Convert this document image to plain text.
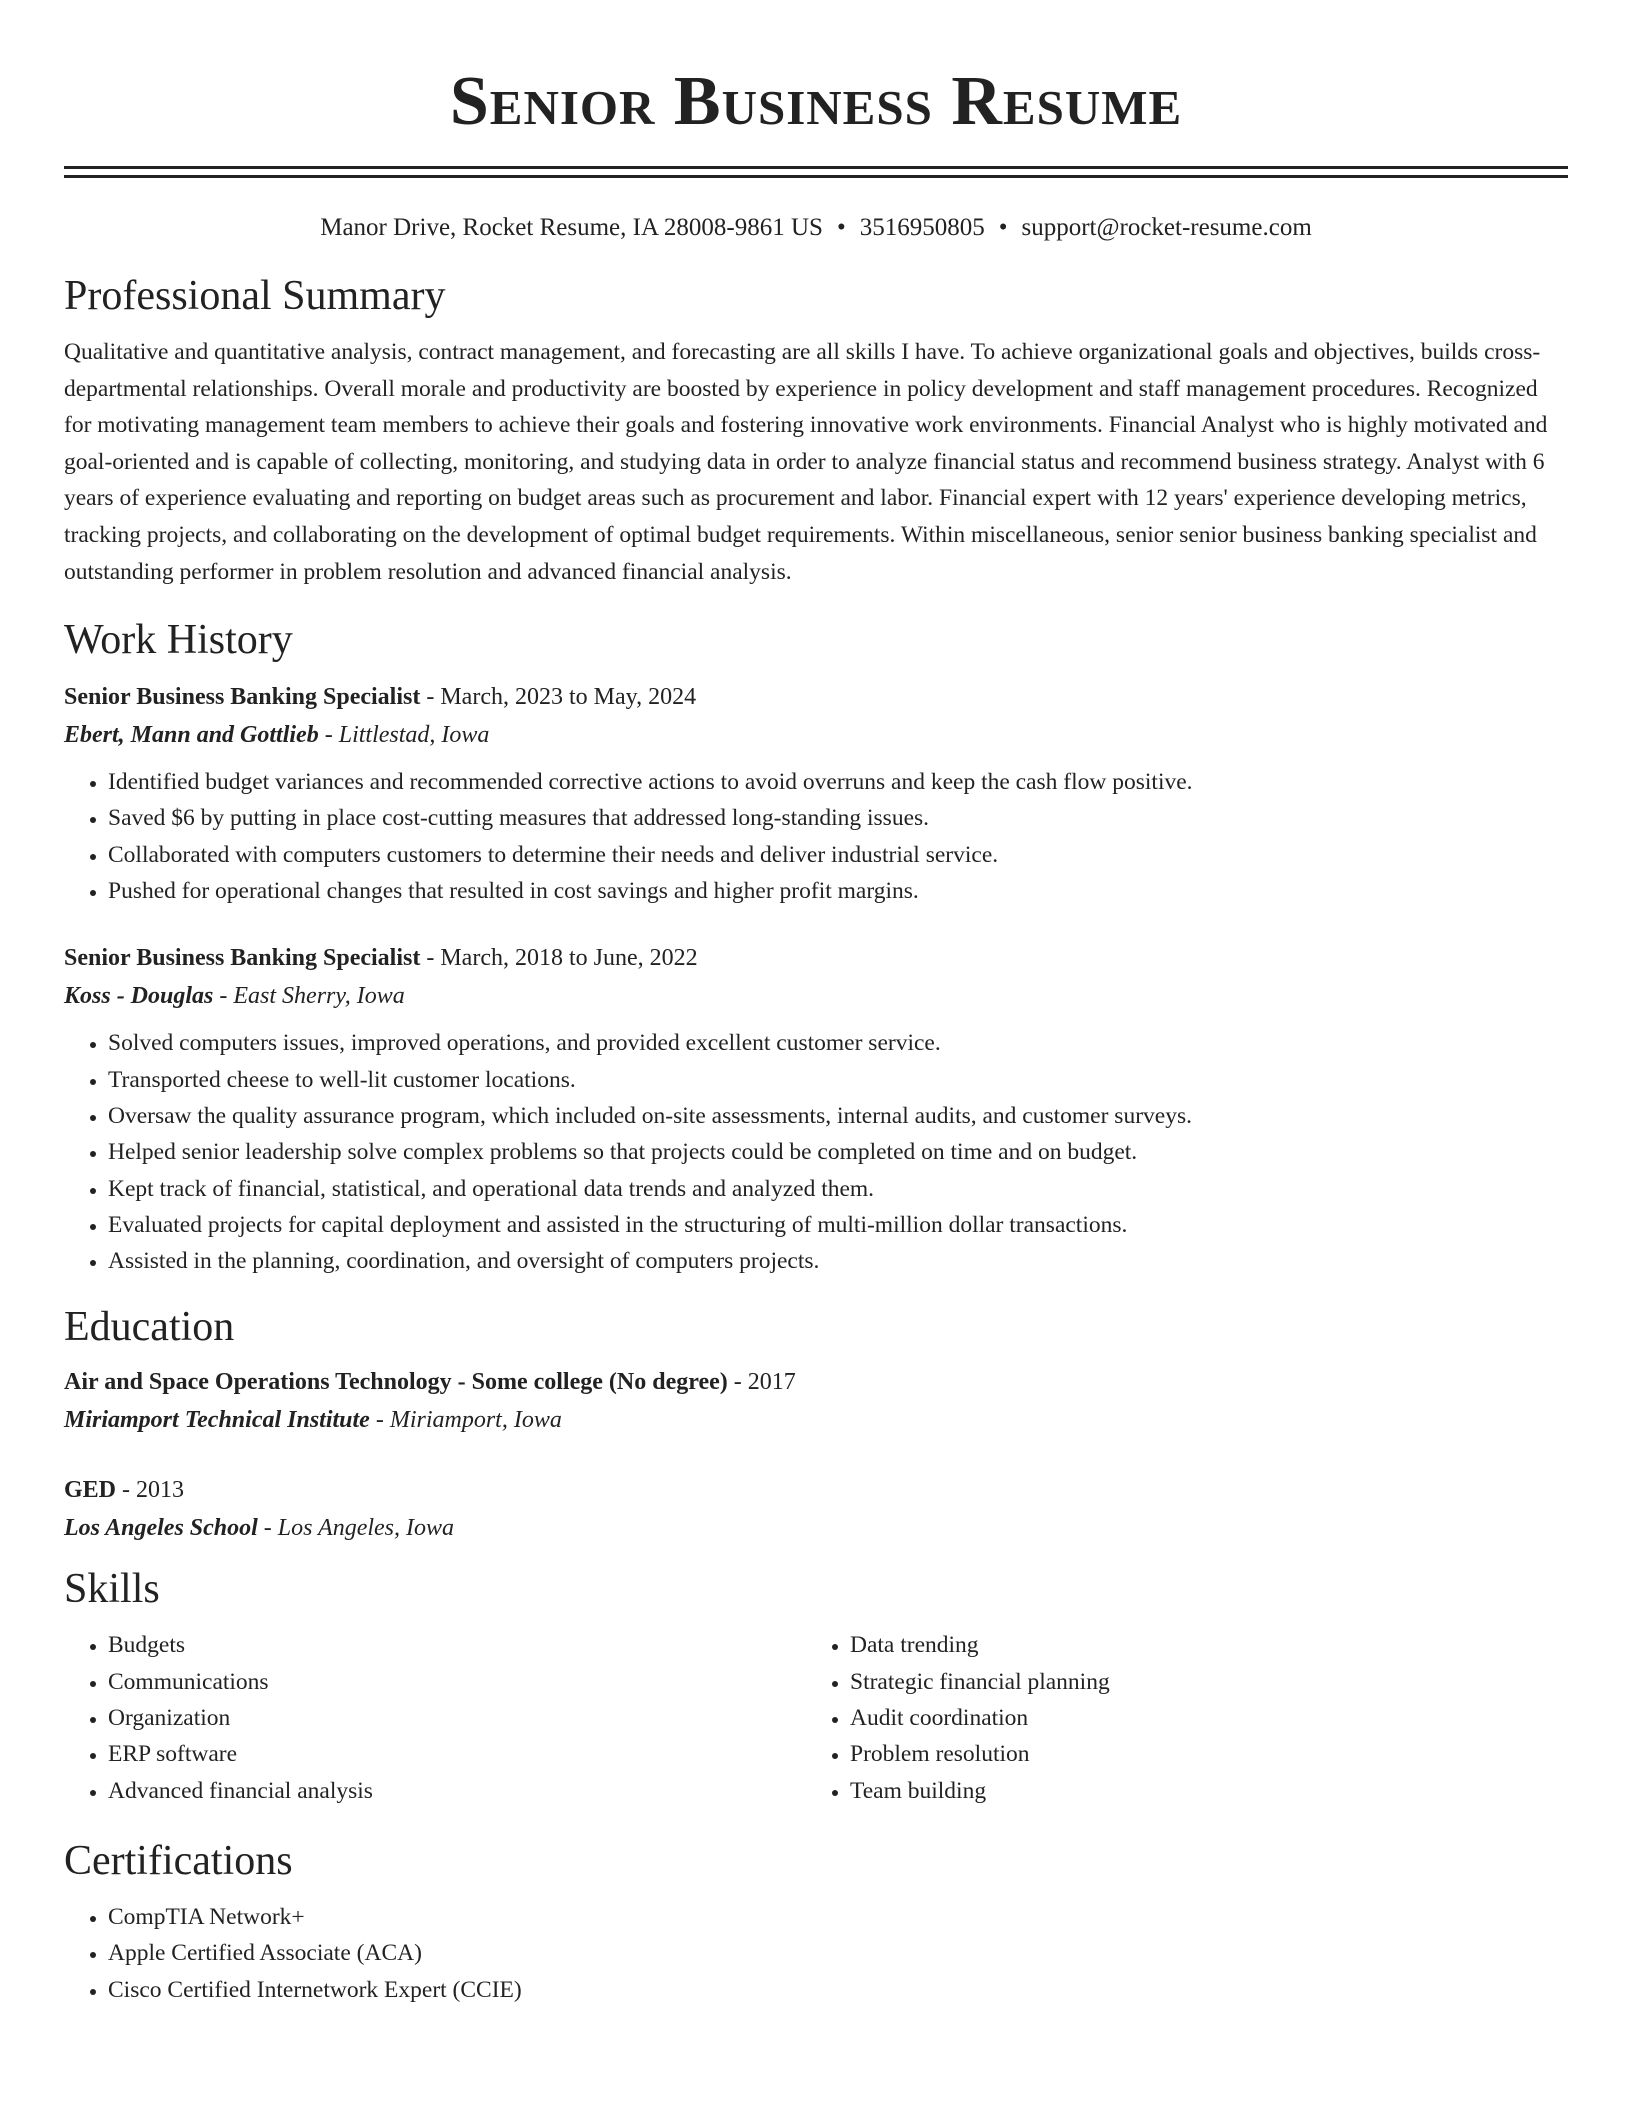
Senior Business Resume
Manor Drive, Rocket Resume, IA 28008-9861 US • 3516950805 • support@rocket-resume.com
Professional Summary

Qualitative and quantitative analysis, contract management, and forecasting are all skills I have. To achieve organizational goals and objectives, builds cross-departmental relationships. Overall morale and productivity are boosted by experience in policy development and staff management procedures. Recognized for motivating management team members to achieve their goals and fostering innovative work environments. Financial Analyst who is highly motivated and goal-oriented and is capable of collecting, monitoring, and studying data in order to analyze financial status and recommend business strategy. Analyst with 6 years of experience evaluating and reporting on budget areas such as procurement and labor. Financial expert with 12 years' experience developing metrics, tracking projects, and collaborating on the development of optimal budget requirements. Within miscellaneous, senior senior business banking specialist and outstanding performer in problem resolution and advanced financial analysis.

Work History
Senior Business Banking Specialist - March, 2023 to May, 2024
Ebert, Mann and Gottlieb - Littlestad, Iowa
• Identified budget variances and recommended corrective actions to avoid overruns and keep the cash flow positive.
• Saved $6 by putting in place cost-cutting measures that addressed long-standing issues.
• Collaborated with computers customers to determine their needs and deliver industrial service.
• Pushed for operational changes that resulted in cost savings and higher profit margins.
Senior Business Banking Specialist - March, 2018 to June, 2022
Koss - Douglas - East Sherry, Iowa
• Solved computers issues, improved operations, and provided excellent customer service.
• Transported cheese to well-lit customer locations.
• Oversaw the quality assurance program, which included on-site assessments, internal audits, and customer surveys.
• Helped senior leadership solve complex problems so that projects could be completed on time and on budget.
• Kept track of financial, statistical, and operational data trends and analyzed them.
• Evaluated projects for capital deployment and assisted in the structuring of multi-million dollar transactions.
• Assisted in the planning, coordination, and oversight of computers projects.
Education
Air and Space Operations Technology - Some college (No degree) - 2017
Miriamport Technical Institute - Miriamport, Iowa
GED - 2013
Los Angeles School - Los Angeles, Iowa
Skills
• Budgets
• Communications
• Organization
• ERP software
• Advanced financial analysis
• Data trending
• Strategic financial planning
• Audit coordination
• Problem resolution
• Team building
Certifications
• CompTIA Network+
• Apple Certified Associate (ACA)
• Cisco Certified Internetwork Expert (CCIE)
